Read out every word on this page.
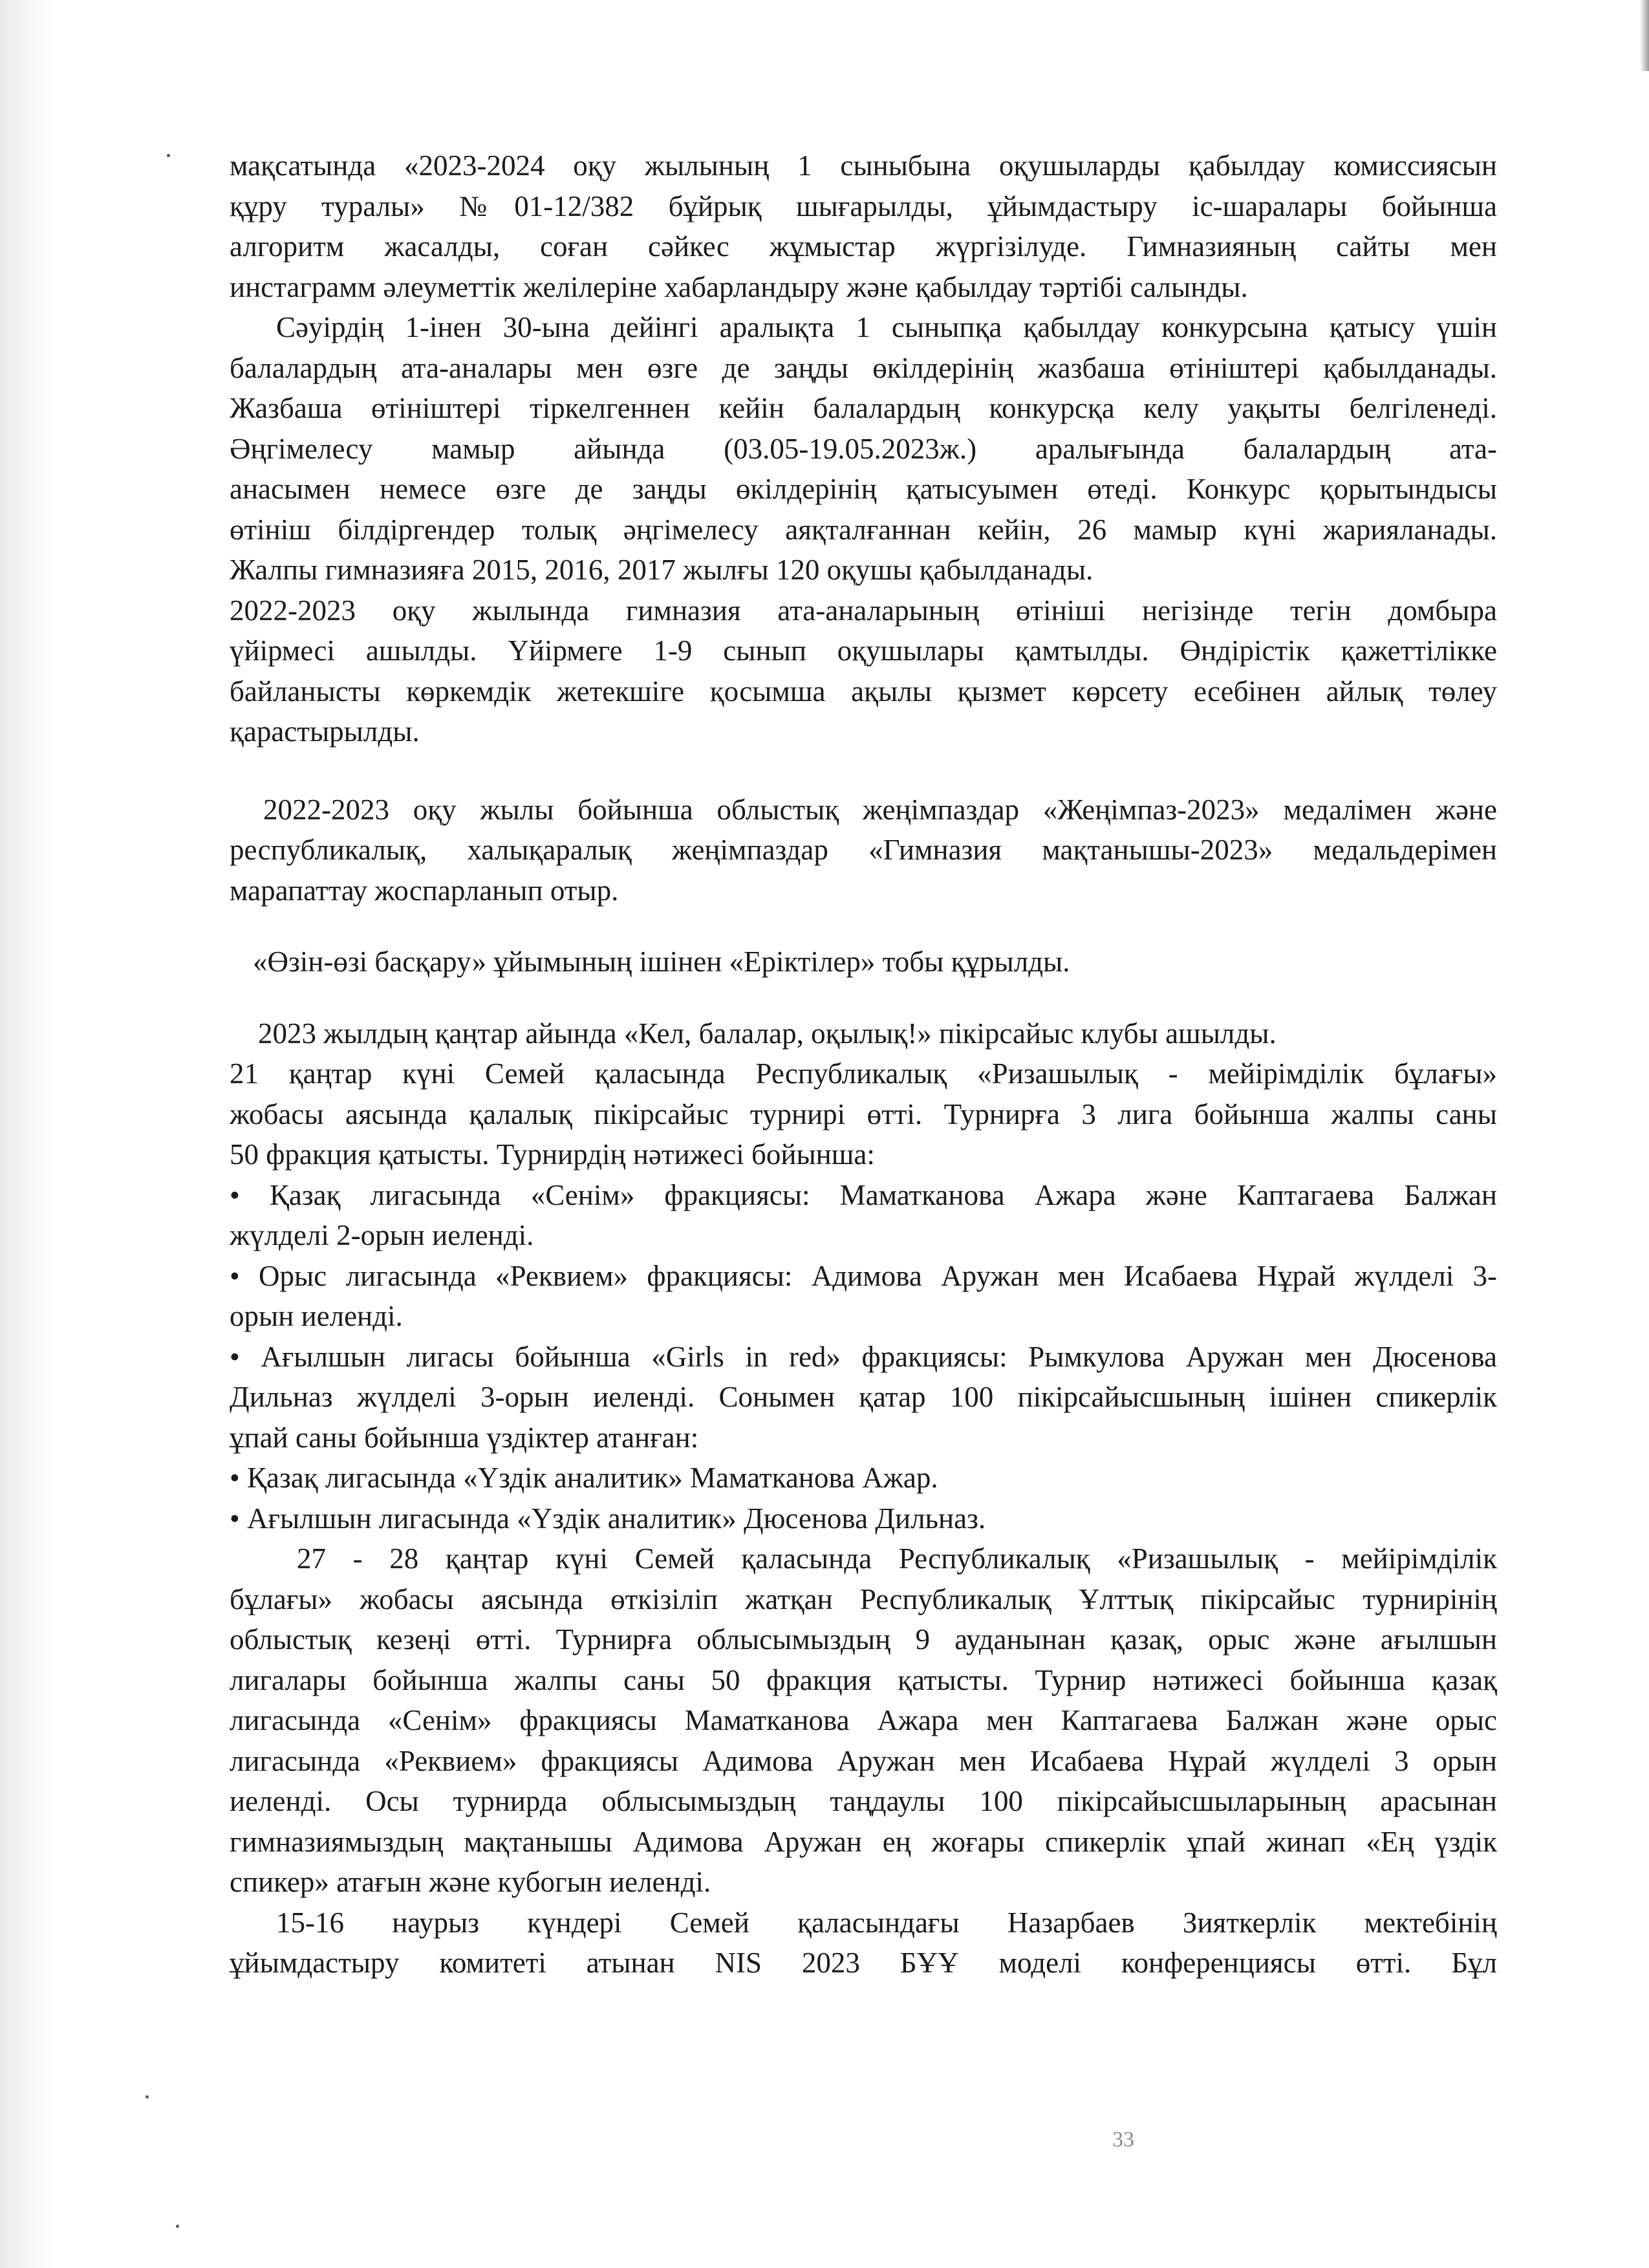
мақсатында «2023-2024 оқу жылының 1 сыныбына оқушыларды қабылдау комиссиясын

құру туралы» №01-12/382 бұйрық шығарылды, ұйымдастыру іс-шаралары бойынша

алгоритм жасалды, соған сәйкес жұмыстар жүргізілуде. Гимназияның сайты мен

инстаграмм әлеуметтік желілеріне хабарландыру және қабылдау тәртібі салынды.

Сәуірдің 1-інен 30-ына дейінгі аралықта 1 сыныпқа қабылдау конкурсына қатысу үшін

балалардың ата-аналары мен өзге де заңды өкілдерінің жазбаша өтініштері қабылданады.

Жазбаша өтініштері тіркелгеннен кейін балалардың конкурсқа келу уақыты белгіленеді.

Әңгімелесу мамыр айында (03.05-19.05.2023ж.) аралығында балалардың ата-

анасымен немесе өзге де заңды өкілдерінің қатысуымен өтеді. Конкурс қорытындысы

өтініш білдіргендер толық әңгімелесу аяқталғаннан кейін, 26 мамыр күні жарияланады.

Жалпы гимназияға 2015, 2016, 2017 жылғы 120 оқушы қабылданады.

2022-2023 оқу жылында гимназия ата-аналарының өтініші негізінде тегін домбыра

үйірмесі ашылды. Үйірмеге 1-9 сынып оқушылары қамтылды. Өндірістік қажеттілікке

байланысты көркемдік жетекшіге қосымша ақылы қызмет көрсету есебінен айлық төлеу

қарастырылды.

2022-2023 оқу жылы бойынша облыстық жеңімпаздар «Жеңімпаз-2023» медалімен және

республикалық, халықаралық жеңімпаздар «Гимназия мақтанышы-2023» медальдерімен

марапаттау жоспарланып отыр.

«Өзін-өзі басқару» ұйымының ішінен «Еріктілер» тобы құрылды.

2023 жылдың қаңтар айында «Кел, балалар, оқылық!» пікірсайыс клубы ашылды.

21 қаңтар күні Семей қаласында Республикалық «Ризашылық - мейірімділік бұлағы»

жобасы аясында қалалық пікірсайыс турнирі өтті. Турнирға 3 лига бойынша жалпы саны

50 фракция қатысты. Турнирдің нәтижесі бойынша:

• Қазақ лигасында «Сенім» фракциясы: Маматканова Ажара және Каптагаева Балжан

жүлделі 2-орын иеленді.

• Орыс лигасында «Реквием» фракциясы: Адимова Аружан мен Исабаева Нұрай жүлделі 3-

орын иеленді.

• Ағылшын лигасы бойынша «Girls in red» фракциясы: Рымкулова Аружан мен Дюсенова

Дильназ жүлделі 3-орын иеленді. Сонымен қатар 100 пікірсайысшының ішінен спикерлік

ұпай саны бойынша үздіктер атанған:

• Қазақ лигасында «Үздік аналитик» Маматканова Ажар.

• Ағылшын лигасында «Үздік аналитик» Дюсенова Дильназ.

27 - 28 қаңтар күні Семей қаласында Республикалық «Ризашылық - мейірімділік

бұлағы» жобасы аясында өткізіліп жатқан Республикалық Ұлттық пікірсайыс турнирінің

облыстық кезеңі өтті. Турнирға облысымыздың 9 ауданынан қазақ, орыс және ағылшын

лигалары бойынша жалпы саны 50 фракция қатысты. Турнир нәтижесі бойынша қазақ

лигасында «Сенім» фракциясы Маматканова Ажара мен Каптагаева Балжан және орыс

лигасында «Реквием» фракциясы Адимова Аружан мен Исабаева Нұрай жүлделі 3 орын

иеленді. Осы турнирда облысымыздың таңдаулы 100 пікірсайысшыларының арасынан

гимназиямыздың мақтанышы Адимова Аружан ең жоғары спикерлік ұпай жинап «Ең үздік

спикер» атағын және кубогын иеленді.

15-16 наурыз күндері Семей қаласындағы Назарбаев Зияткерлік мектебінің

ұйымдастыру комитеті атынан NIS 2023 БҰҰ моделі конференциясы өтті. Бұл

33
